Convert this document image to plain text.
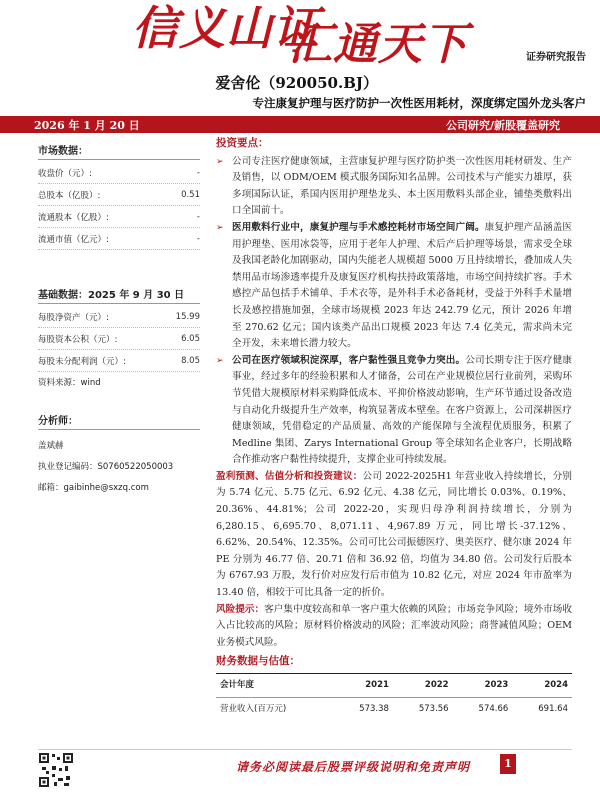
信义山证
汇通天下	证券研究报告
爱舍伦（920050.BJ）
专注康复护理与医疗防护一次性医用耗材，深度绑定国外龙头客户
2026 年 1 月 20 日	公司研究/新股覆盖研究
市场数据：
收盘价（元）:	-
总股本（亿股）:	0.51
流通股本（亿股）:	-
流通市值（亿元）:	-
基础数据：2025 年 9 月 30 日
每股净资产（元）:	15.99
每股资本公积（元）:	6.05
每股未分配利润（元）:	8.05
资料来源：wind
分析师：
盖斌赫
执业登记编码：S0760522050003
邮箱：gaibinhe@sxzq.com
投资要点：
➢ 公司专注医疗健康领域，主营康复护理与医疗防护类一次性医用耗材研发、生产及销售，以 ODM/OEM 模式服务国际知名品牌。公司技术与产能实力雄厚，获多项国际认证，系国内医用护理垫龙头、本土医用敷料头部企业，铺垫类敷料出口全国前十。
➢ 医用敷料行业中，康复护理与手术感控耗材市场空间广阔。康复护理产品涵盖医用护理垫、医用冰袋等，应用于老年人护理、术后产后护理等场景，需求受全球及我国老龄化加剧驱动，国内失能老人规模超 5000 万且持续增长，叠加成人失禁用品市场渗透率提升及康复医疗机构扶持政策落地，市场空间持续扩容。手术感控产品包括手术铺单、手术衣等，是外科手术必备耗材，受益于外科手术量增长及感控措施加强，全球市场规模 2023 年达 242.79 亿元，预计 2026 年增至 270.62 亿元；国内该类产品出口规模 2023 年达 7.4 亿美元，需求尚未完全开发，未来增长潜力较大。
➢ 公司在医疗领域积淀深厚，客户黏性强且竞争力突出。公司长期专注于医疗健康事业，经过多年的经验积累和人才储备，公司在产业规模位居行业前列，采购环节凭借大规模原材料采购降低成本、平抑价格波动影响，生产环节通过设备改造与自动化升级提升生产效率，构筑显著成本壁垒。在客户资源上，公司深耕医疗健康领域，凭借稳定的产品质量、高效的产能保障与全流程优质服务，积累了 Medline 集团、Zarys International Group 等全球知名企业客户，长期战略合作推动客户黏性持续提升，支撑企业可持续发展。
盈利预测、估值分析和投资建议：公司 2022-2025H1 年营业收入持续增长，分别为 5.74 亿元、5.75 亿元、6.92 亿元、4.38 亿元，同比增长 0.03%、0.19%、20.36%、44.81%；公司 2022-20，实现归母净利润持续增长，分别为 6,280.15、6,695.70、8,071.11、4,967.89 万元，同比增长-37.12%、6.62%、20.54%、12.35%。公司可比公司振德医疗、奥美医疗、健尔康 2024 年 PE 分别为 46.77 倍、20.71 倍和 36.92 倍，均值为 34.80 倍。公司发行后股本为 6767.93 万股，发行价对应发行后市值为 10.82 亿元，对应 2024 年市盈率为 13.40 倍，相较于可比具备一定的折价。
风险提示：客户集中度较高和单一客户重大依赖的风险；市场竞争风险；境外市场收入占比较高的风险；原材料价格波动的风险；汇率波动风险；商誉减值风险；OEM 业务模式风险。
财务数据与估值：
会计年度	2021	2022	2023	2024
营业收入(百万元)	573.38	573.56	574.66	691.64
请务必阅读最后股票评级说明和免责声明	1
